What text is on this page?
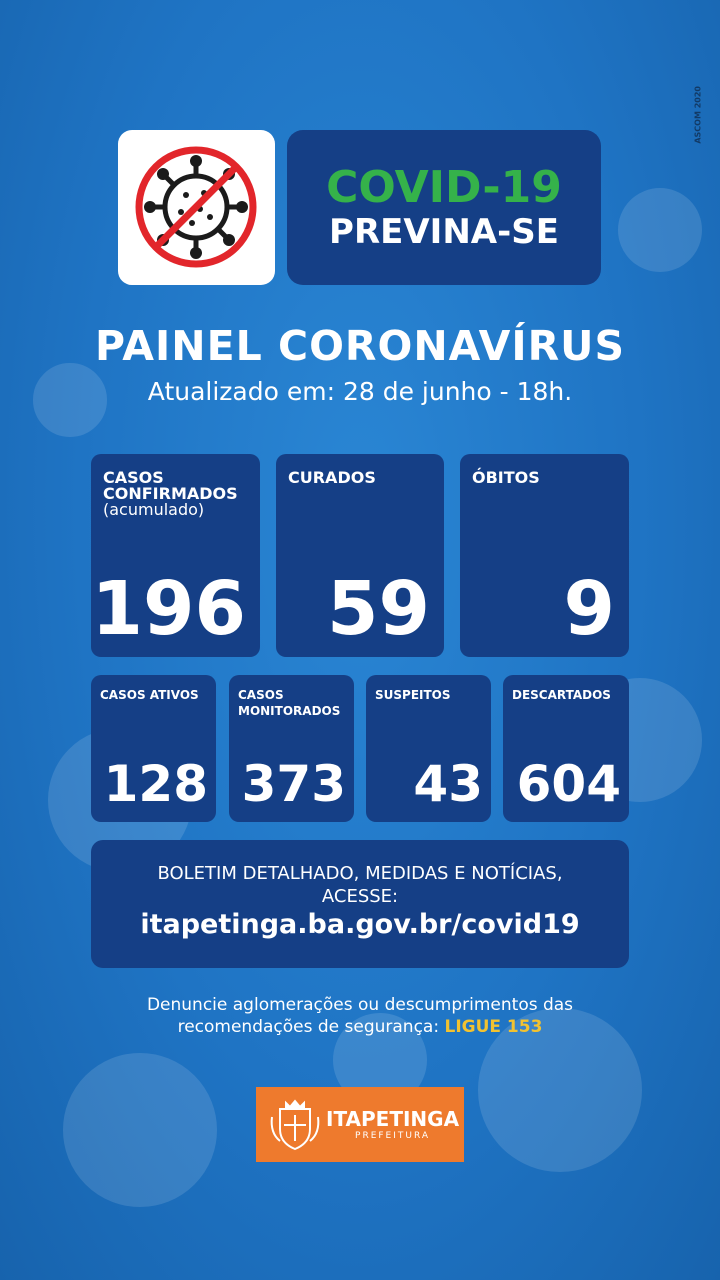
ASCOM 2020
COVID-19
PREVINA-SE
PAINEL CORONAVÍRUS
Atualizado em: 28 de junho - 18h.
CASOS CONFIRMADOS
(acumulado)
196
CURADOS
59
ÓBITOS
9
CASOS ATIVOS
128
CASOS MONITORADOS
373
SUSPEITOS
43
DESCARTADOS
604
BOLETIM DETALHADO, MEDIDAS E NOTÍCIAS,
ACESSE:
itapetinga.ba.gov.br/covid19
Denuncie aglomerações ou descumprimentos das
recomendações de segurança: LIGUE 153
ITAPETINGA
PREFEITURA
